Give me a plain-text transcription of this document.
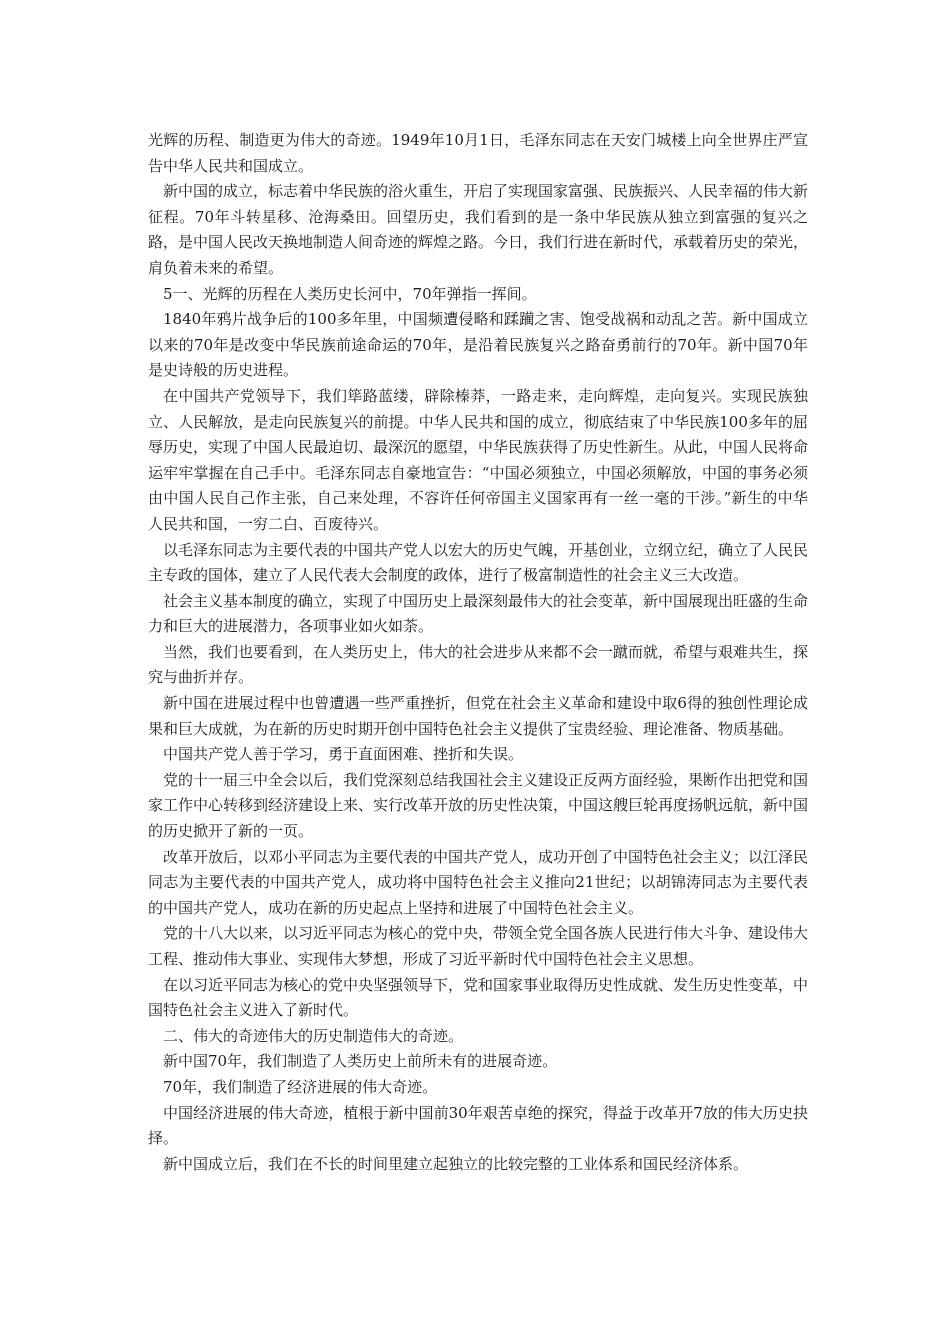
光辉的历程、制造更为伟大的奇迹。1949年10月1日，毛泽东同志在天安门城楼上向全世界庄严宣告中华人民共和国成立。

新中国的成立，标志着中华民族的浴火重生，开启了实现国家富强、民族振兴、人民幸福的伟大新征程。70年斗转星移、沧海桑田。回望历史，我们看到的是一条中华民族从独立到富强的复兴之路，是中国人民改天换地制造人间奇迹的辉煌之路。今日，我们行进在新时代，承载着历史的荣光，肩负着未来的希望。

5一、光辉的历程在人类历史长河中，70年弹指一挥间。

1840年鸦片战争后的100多年里，中国频遭侵略和蹂躏之害、饱受战祸和动乱之苦。新中国成立以来的70年是改变中华民族前途命运的70年，是沿着民族复兴之路奋勇前行的70年。新中国70年是史诗般的历史进程。

在中国共产党领导下，我们筚路蓝缕，辟除榛莽，一路走来，走向辉煌，走向复兴。实现民族独立、人民解放，是走向民族复兴的前提。中华人民共和国的成立，彻底结束了中华民族100多年的屈辱历史，实现了中国人民最迫切、最深沉的愿望，中华民族获得了历史性新生。从此，中国人民将命运牢牢掌握在自己手中。毛泽东同志自豪地宣告：“中国必须独立，中国必须解放，中国的事务必须由中国人民自己作主张，自己来处理，不容许任何帝国主义国家再有一丝一毫的干涉。”新生的中华人民共和国，一穷二白、百废待兴。

以毛泽东同志为主要代表的中国共产党人以宏大的历史气魄，开基创业，立纲立纪，确立了人民民主专政的国体，建立了人民代表大会制度的政体，进行了极富制造性的社会主义三大改造。

社会主义基本制度的确立，实现了中国历史上最深刻最伟大的社会变革，新中国展现出旺盛的生命力和巨大的进展潜力，各项事业如火如荼。

当然，我们也要看到，在人类历史上，伟大的社会进步从来都不会一蹴而就，希望与艰难共生，探究与曲折并存。

新中国在进展过程中也曾遭遇一些严重挫折，但党在社会主义革命和建设中取6得的独创性理论成果和巨大成就，为在新的历史时期开创中国特色社会主义提供了宝贵经验、理论准备、物质基础。

中国共产党人善于学习，勇于直面困难、挫折和失误。

党的十一届三中全会以后，我们党深刻总结我国社会主义建设正反两方面经验，果断作出把党和国家工作中心转移到经济建设上来、实行改革开放的历史性决策，中国这艘巨轮再度扬帆远航，新中国的历史掀开了新的一页。

改革开放后，以邓小平同志为主要代表的中国共产党人，成功开创了中国特色社会主义；以江泽民同志为主要代表的中国共产党人，成功将中国特色社会主义推向21世纪；以胡锦涛同志为主要代表的中国共产党人，成功在新的历史起点上坚持和进展了中国特色社会主义。

党的十八大以来，以习近平同志为核心的党中央，带领全党全国各族人民进行伟大斗争、建设伟大工程、推动伟大事业、实现伟大梦想，形成了习近平新时代中国特色社会主义思想。

在以习近平同志为核心的党中央坚强领导下，党和国家事业取得历史性成就、发生历史性变革，中国特色社会主义进入了新时代。

二、伟大的奇迹伟大的历史制造伟大的奇迹。

新中国70年，我们制造了人类历史上前所未有的进展奇迹。

70年，我们制造了经济进展的伟大奇迹。

中国经济进展的伟大奇迹，植根于新中国前30年艰苦卓绝的探究，得益于改革开7放的伟大历史抉择。

新中国成立后，我们在不长的时间里建立起独立的比较完整的工业体系和国民经济体系。
